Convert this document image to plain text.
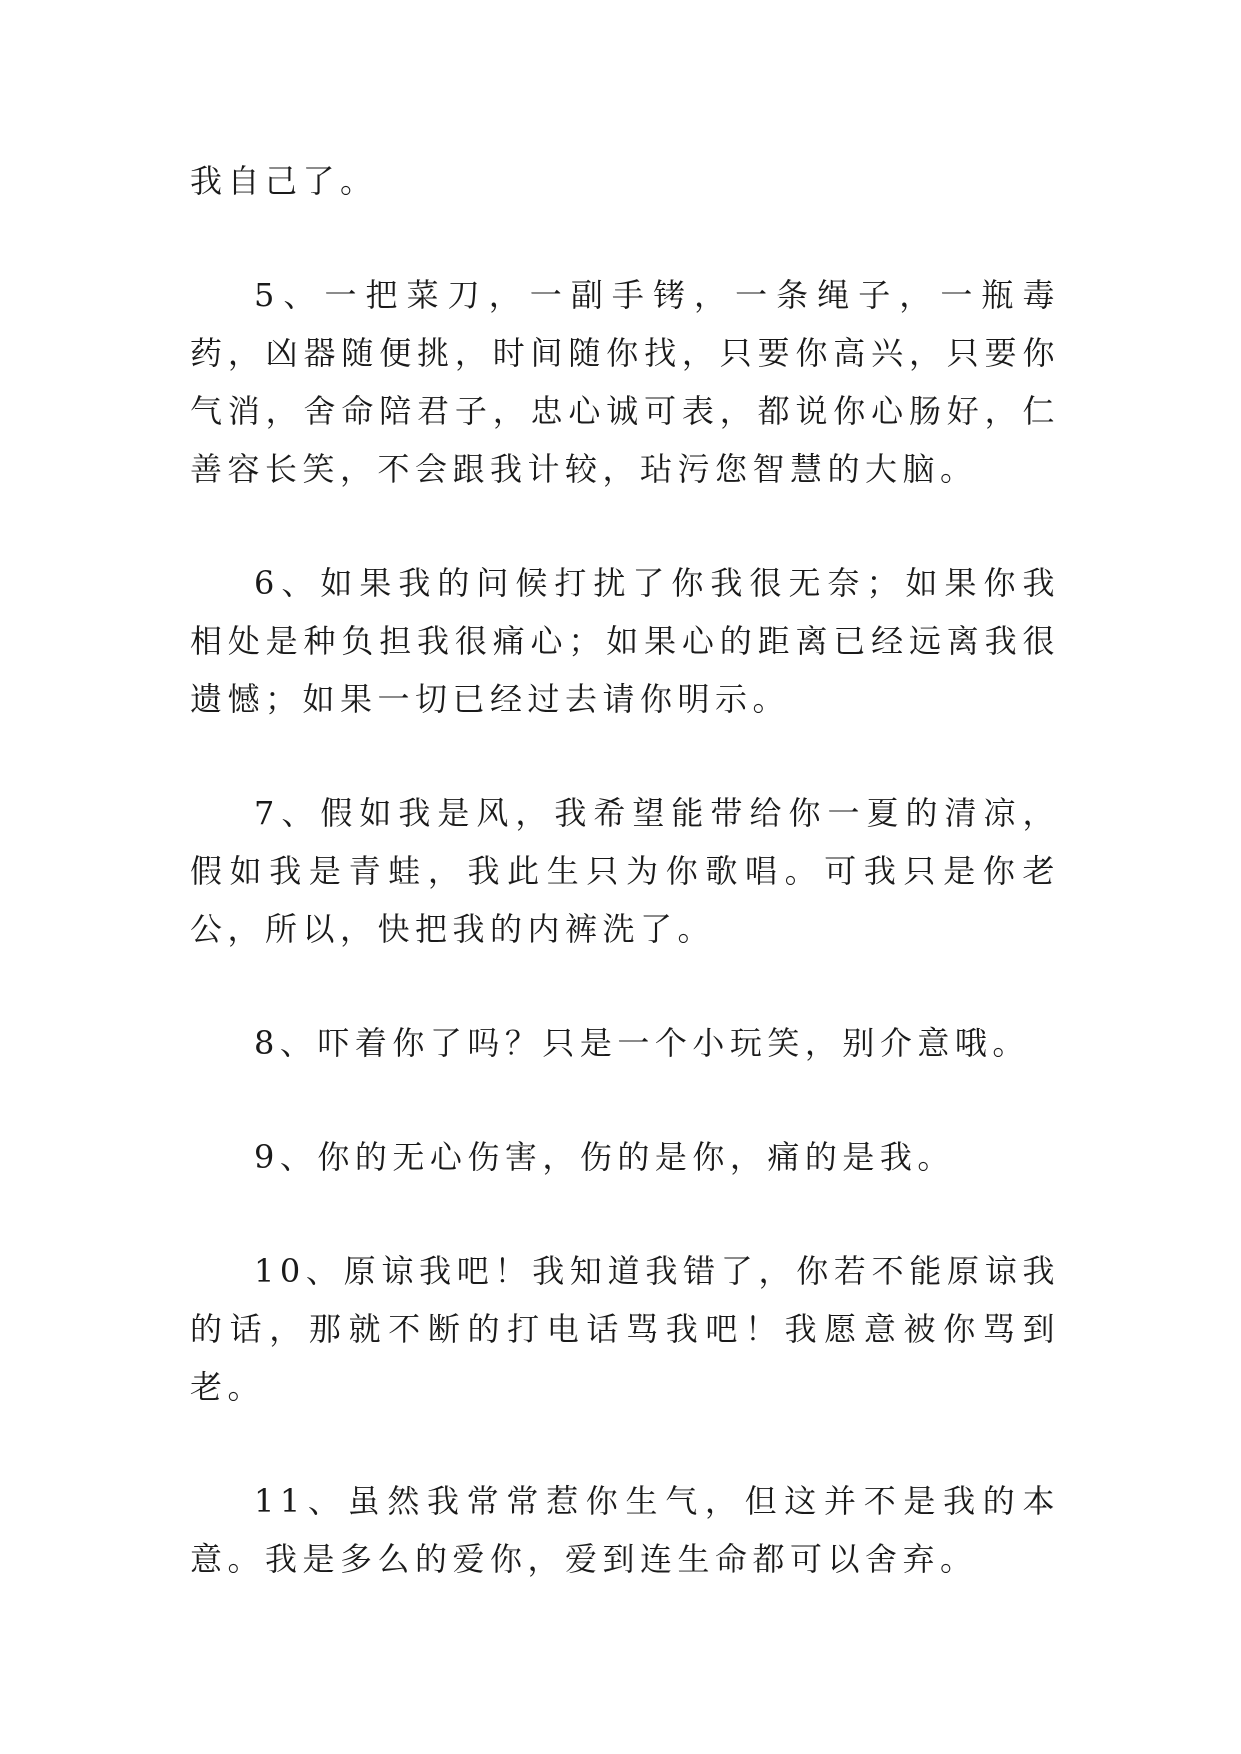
我自己了。

5、一把菜刀，一副手铐，一条绳子，一瓶毒药，凶器随便挑，时间随你找，只要你高兴，只要你气消，舍命陪君子，忠心诚可表，都说你心肠好，仁善容长笑，不会跟我计较，玷污您智慧的大脑。

6、如果我的问候打扰了你我很无奈；如果你我相处是种负担我很痛心；如果心的距离已经远离我很遗憾；如果一切已经过去请你明示。

7、假如我是风，我希望能带给你一夏的清凉，假如我是青蛙，我此生只为你歌唱。可我只是你老公，所以，快把我的内裤洗了。

8、吓着你了吗？只是一个小玩笑，别介意哦。

9、你的无心伤害，伤的是你，痛的是我。

10、原谅我吧！我知道我错了，你若不能原谅我的话，那就不断的打电话骂我吧！我愿意被你骂到老。

11、虽然我常常惹你生气，但这并不是我的本意。我是多么的爱你，爱到连生命都可以舍弃。
